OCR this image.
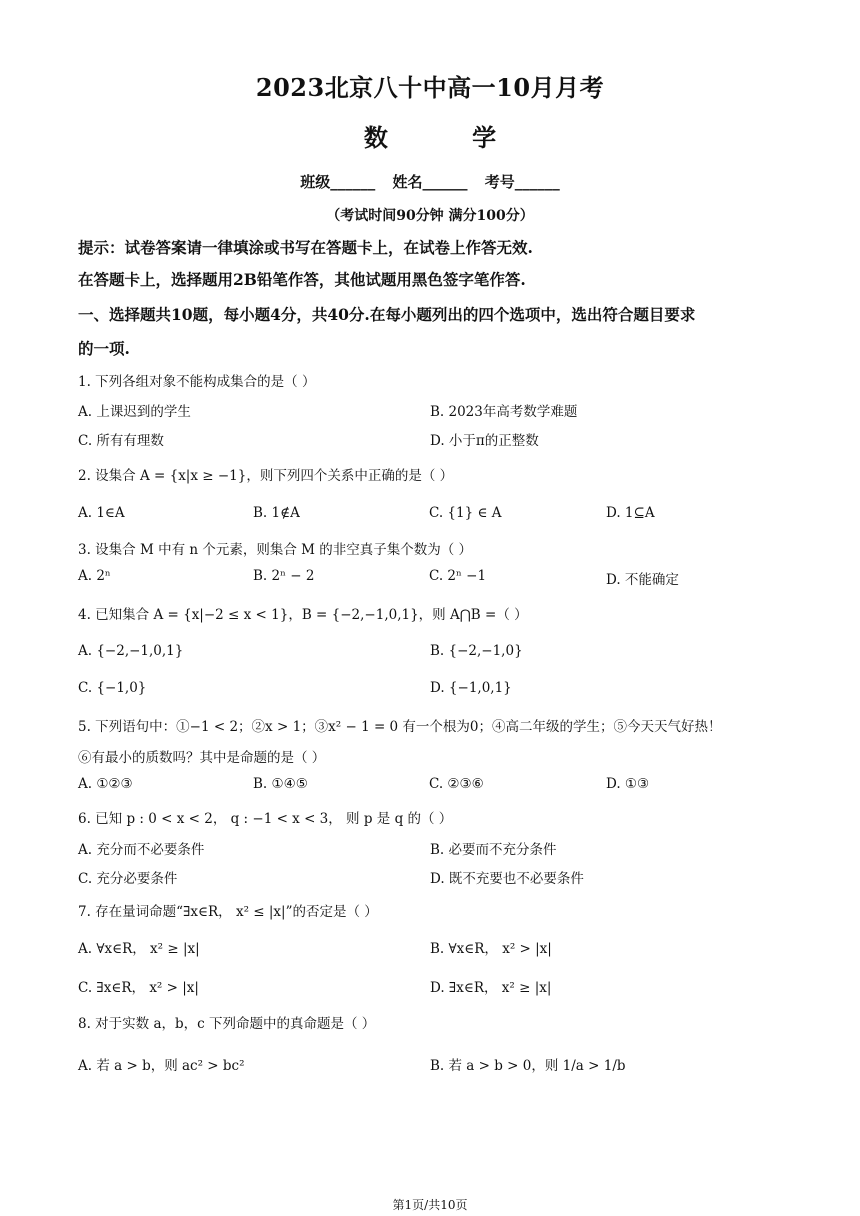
2023北京八十中高一10月月考
数 学
班级______ 姓名______ 考号______
（考试时间90分钟 满分100分）
提示：试卷答案请一律填涂或书写在答题卡上，在试卷上作答无效.
在答题卡上，选择题用2B铅笔作答，其他试题用黑色签字笔作答.
一、选择题共10题，每小题4分，共40分.在每小题列出的四个选项中，选出符合题目要求
的一项.
1. 下列各组对象不能构成集合的是（ ）
A. 上课迟到的学生	B. 2023年高考数学难题
C. 所有有理数	D. 小于π的正整数
2. 设集合 A = {x|x ≥ −1}，则下列四个关系中正确的是（ ）
A. 1∈A	B. 1∉A	C. {1} ∈ A	D. 1⊆A
3. 设集合 M 中有 n 个元素，则集合 M 的非空真子集个数为（ ）
A. 2ⁿ	B. 2ⁿ − 2	C. 2ⁿ −1	D. 不能确定
4. 已知集合 A = {x|−2 ≤ x < 1}，B = {−2,−1,0,1}，则 A⋂B =（ ）
A. {−2,−1,0,1}	B. {−2,−1,0}
C. {−1,0}	D. {−1,0,1}
5. 下列语句中：①−1 < 2；②x > 1；③x² − 1 = 0 有一个根为0；④高二年级的学生；⑤今天天气好热！
⑥有最小的质数吗？其中是命题的是（ ）
A. ①②③	B. ①④⑤	C. ②③⑥	D. ①③
6. 已知 p : 0 < x < 2， q : −1 < x < 3， 则 p 是 q 的（ ）
A. 充分而不必要条件	B. 必要而不充分条件
C. 充分必要条件	D. 既不充要也不必要条件
7. 存在量词命题“∃x∈R， x² ≤ |x|”的否定是（ ）
A. ∀x∈R， x² ≥ |x|	B. ∀x∈R， x² > |x|
C. ∃x∈R， x² > |x|	D. ∃x∈R， x² ≥ |x|
8. 对于实数 a，b，c 下列命题中的真命题是（ ）
A. 若 a > b，则 ac² > bc²	B. 若 a > b > 0，则 1/a > 1/b
第1页/共10页
